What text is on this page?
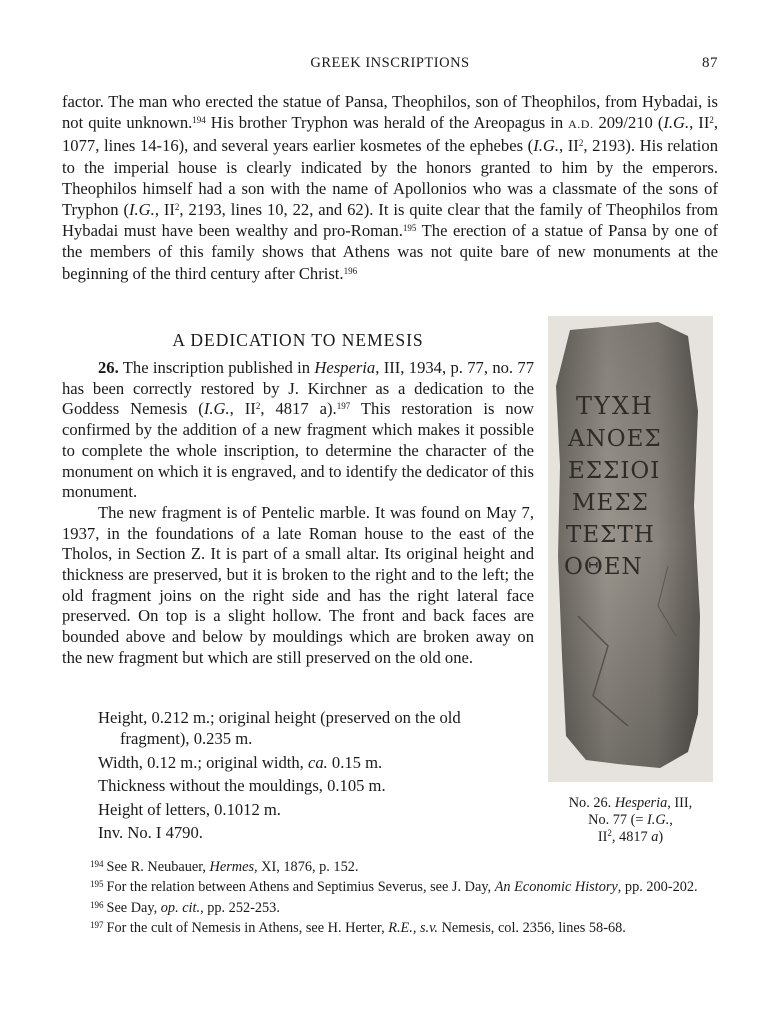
GREEK INSCRIPTIONS	87

factor. The man who erected the statue of Pansa, Theophilos, son of Theophilos, from Hybadai, is not quite unknown.$^{194}$ His brother Tryphon was herald of the Areopagus in A.D. 209/210 (I.G., $II^2$, 1077, lines 14-16), and several years earlier kosmetes of the ephebes (I.G., $II^2$, 2193). His relation to the imperial house is clearly indicated by the honors granted to him by the emperors. Theophilos himself had a son with the name of Apollonios who was a classmate of the sons of Tryphon (I.G., $II^2$, 2193, lines 10, 22, and 62). It is quite clear that the family of Theophilos from Hybadai must have been wealthy and pro-Roman.$^{195}$ The erection of a statue of Pansa by one of the members of this family shows that Athens was not quite bare of new monuments at the beginning of the third century after Christ.$^{196}$

A DEDICATION TO NEMESIS

26. The inscription published in Hesperia, III, 1934, p. 77, no. 77 has been correctly restored by J. Kirchner as a dedication to the Goddess Nemesis (I.G., $II^2$, 4817 a).$^{197}$ This restoration is now confirmed by the addition of a new fragment which makes it possible to complete the whole inscription, to determine the character of the monument on which it is engraved, and to identify the dedicator of this monument.

The new fragment is of Pentelic marble. It was found on May 7, 1937, in the foundations of a late Roman house to the east of the Tholos, in Section Z. It is part of a small altar. Its original height and thickness are preserved, but it is broken to the right and to the left; the old fragment joins on the right side and has the right lateral face preserved. On top is a slight hollow. The front and back faces are bounded above and below by mouldings which are broken away on the new fragment but which are still preserved on the old one.

Height, 0.212 m.; original height (preserved on the old fragment), 0.235 m.
Width, 0.12 m.; original width, ca. 0.15 m.
Thickness without the mouldings, 0.105 m.
Height of letters, 0.1012 m.
Inv. No. I 4790.
ΤΥΧΗ
ΑΝΟΕΣ
ΕΣΣΙΟΙ
ΜΕΣΣ
ΤΕΣΤΗ
ΟΘΕΝ
No. 26. Hesperia, III,
No. 77 (= I.G.,
$II^2$, 4817 a)

$^{194}$ See R. Neubauer, Hermes, XI, 1876, p. 152.

$^{195}$ For the relation between Athens and Septimius Severus, see J. Day, An Economic History, pp. 200-202.

$^{196}$ See Day, op. cit., pp. 252-253.

$^{197}$ For the cult of Nemesis in Athens, see H. Herter, R.E., s.v. Nemesis, col. 2356, lines 58-68.
